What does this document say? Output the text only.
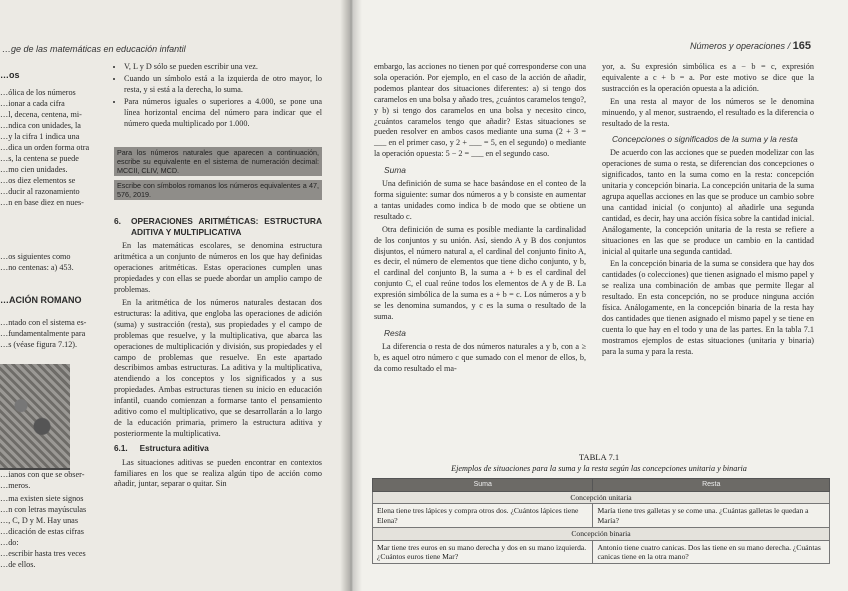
…ge de las matemáticas en educación infantil
…os
…ólica de los números
…ionar a cada cifra
…l, decena, centena, mi-
…ndica con unidades, la
…y la cifra 1 indica una
…dica un orden forma otra
…s, la centena se puede
…mo cien unidades.
…os diez elementos se
…ducir al razonamiento
…n en base diez en nues-
…os siguientes como
…no centenas: a) 453.
…ACIÓN ROMANO
…ntado con el sistema es-
…fundamentalmente para
…s (véase figura 7.12).
…ianos con que se obser-
…meros.
…ma existen siete signos
…n con letras mayúsculas
…, C, D y M. Hay unas
…dicación de estas cifras
…do:
…escribir hasta tres veces
…de ellos.
• V, L y D sólo se pueden escribir una vez.
• Cuando un símbolo está a la izquierda de otro mayor, lo resta, y si está a la derecha, lo suma.
• Para números iguales o superiores a 4.000, se pone una línea horizontal encima del número para indicar que el número queda multiplicado por 1.000.
Para los números naturales que aparecen a continuación, escribe su equivalente en el sistema de numeración decimal: MCCII, CLIV, MCD.
Escribe con símbolos romanos los números equivalentes a 47, 576, 2019.
6. OPERACIONES ARITMÉTICAS: ESTRUCTURA ADITIVA Y MULTIPLICATIVA

En las matemáticas escolares, se denomina estructura aritmética a un conjunto de números en los que hay definidas operaciones aritméticas. Estas operaciones cumplen unas propiedades y con ellas se puede abordar un amplio campo de problemas.

En la aritmética de los números naturales destacan dos estructuras: la aditiva, que engloba las operaciones de adición (suma) y sustracción (resta), sus propiedades y el campo de problemas que resuelve, y la multiplicativa, que abarca las operaciones de multiplicación y división, sus propiedades y el campo de problemas que resuelve. En este apartado describimos ambas estructuras. La aditiva y la multiplicativa, atendiendo a los conceptos y los significados y a sus propiedades. Ambas estructuras tienen su inicio en educación infantil, cuando comienzan a formarse tanto el pensamiento aditivo como el multiplicativo, que se desarrollarán a lo largo de la educación primaria, primero la estructura aditiva y posteriormente la multiplicativa.

6.1. Estructura aditiva

Las situaciones aditivas se pueden encontrar en contextos familiares en los que se realiza algún tipo de acción como añadir, juntar, separar o quitar. Sin

Números y operaciones / 165

embargo, las acciones no tienen por qué corresponderse con una sola operación. Por ejemplo, en el caso de la acción de añadir, podemos plantear dos situaciones diferentes: a) si tengo dos caramelos en una bolsa y añado tres, ¿cuántos caramelos tengo?, y b) si tengo dos caramelos en una bolsa y necesito cinco, ¿cuántos caramelos tengo que añadir? Estas situaciones se pueden resolver en ambos casos mediante una suma (2 + 3 = ___ en el primer caso, y 2 + ___ = 5, en el segundo) o mediante la operación opuesta: 5 − 2 = ___ en el segundo caso.

Suma

Una definición de suma se hace basándose en el conteo de la forma siguiente: sumar dos números a y b consiste en aumentar a tantas unidades como indica b de modo que se obtiene un resultado c.

Otra definición de suma es posible mediante la cardinalidad de los conjuntos y su unión. Así, siendo A y B dos conjuntos disjuntos, el número natural a, el cardinal del conjunto finito A, es decir, el número de elementos que tiene dicho conjunto, y b, el cardinal del conjunto B, la suma a + b es el cardinal del conjunto C, el cual reúne todos los elementos de A y de B. La expresión simbólica de la suma es a + b = c. Los números a y b se les denomina sumandos, y c es la suma o resultado de la suma.

Resta

La diferencia o resta de dos números naturales a y b, con a ≥ b, es aquel otro número c que sumado con el menor de ellos, b, da como resultado el ma-

yor, a. Su expresión simbólica es a − b = c, expresión equivalente a c + b = a. Por este motivo se dice que la sustracción es la operación opuesta a la adición.

En una resta al mayor de los números se le denomina minuendo, y al menor, sustraendo, el resultado es la diferencia o resultado de la resta.

Concepciones o significados de la suma y la resta

De acuerdo con las acciones que se pueden modelizar con las operaciones de suma o resta, se diferencian dos concepciones o significados, tanto en la suma como en la resta: concepción unitaria y concepción binaria. La concepción unitaria de la suma agrupa aquellas acciones en las que se produce un cambio sobre una cantidad inicial (o conjunto) al añadirle una segunda cantidad, es decir, hay una acción física sobre la cantidad inicial. Análogamente, la concepción unitaria de la resta se refiere a situaciones en las que se produce un cambio en la cantidad inicial al quitarle una segunda cantidad.

En la concepción binaria de la suma se considera que hay dos cantidades (o colecciones) que tienen asignado el mismo papel y se realiza una combinación de ambas que permite llegar al resultado. En esta concepción, no se produce ninguna acción física. Análogamente, en la concepción binaria de la resta hay dos cantidades que tienen asignado el mismo papel y se tiene en cuenta lo que hay en el todo y una de las partes. En la tabla 7.1 mostramos ejemplos de estas situaciones (unitaria y binaria) para la suma y para la resta.

TABLA 7.1
Ejemplos de situaciones para la suma y la resta según las concepciones unitaria y binaria
Suma	Resta
Concepción unitaria	
Elena tiene tres lápices y compra otros dos. ¿Cuántos lápices tiene Elena?	María tiene tres galletas y se come una. ¿Cuántas galletas le quedan a María?
Concepción binaria	
Mar tiene tres euros en su mano derecha y dos en su mano izquierda. ¿Cuántos euros tiene Mar?	Antonio tiene cuatro canicas. Dos las tiene en su mano derecha. ¿Cuántas canicas tiene en la otra mano?
